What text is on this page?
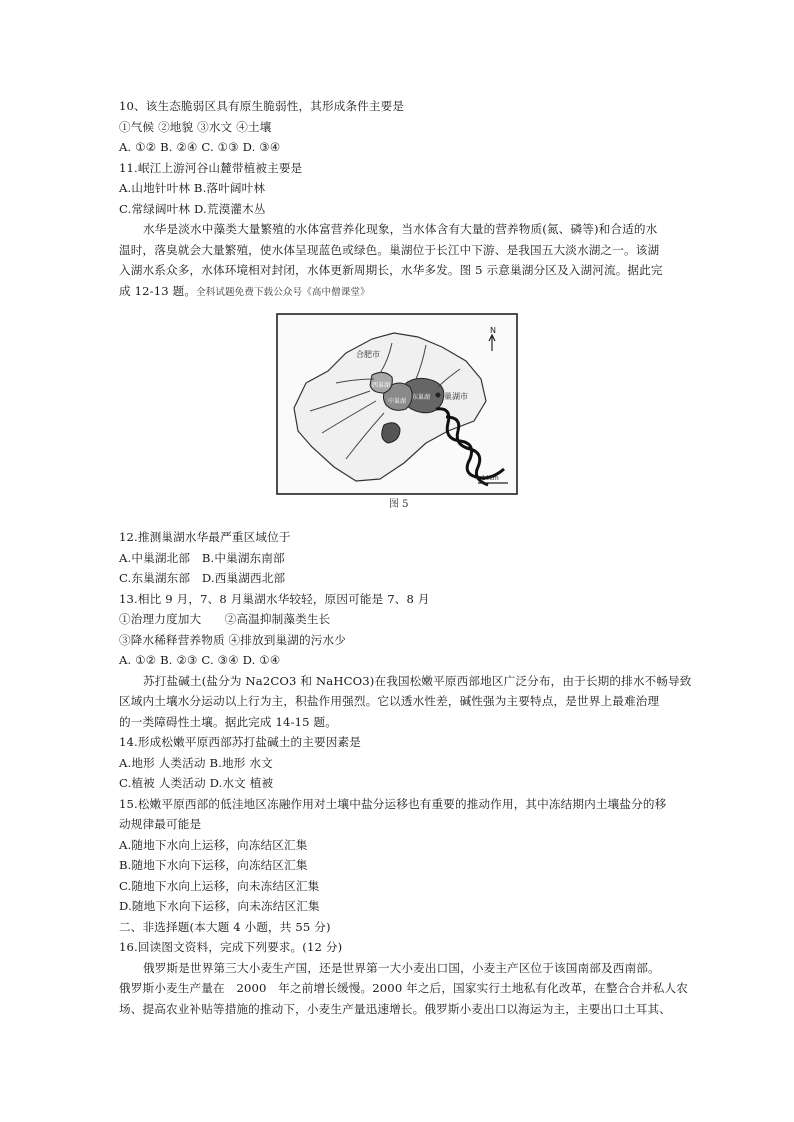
10、该生态脆弱区具有原生脆弱性，其形成条件主要是
①气候 ②地貌 ③水文 ④土壤
A. ①② B. ②④ C. ①③ D. ③④
11.岷江上游河谷山麓带植被主要是
A.山地针叶林 B.落叶阔叶林
C.常绿阔叶林 D.荒漠灌木丛
水华是淡水中藻类大量繁殖的水体富营养化现象，当水体含有大量的营养物质(氮、磷等)和合适的水
温时，落臭就会大量繁殖，使水体呈现蓝色或绿色。巢湖位于长江中下游、是我国五大淡水湖之一。该湖
入湖水系众多，水体环境相对封闭，水体更新周期长，水华多发。图 5 示意巢湖分区及入湖河流。据此完
成 12-13 题。全科试题免费下载公众号《高中僧课堂》
合肥市
巢湖市
西巢湖
中巢湖
东巢湖
N
0 10km
图 5
12.推测巢湖水华最严重区域位于
A.中巢湖北部　B.中巢湖东南部
C.东巢湖东部　D.西巢湖西北部
13.相比 9 月，7、8 月巢湖水华较轻，原因可能是 7、8 月
①治理力度加大　　②高温抑制藻类生长
③降水稀释营养物质 ④排放到巢湖的污水少
A. ①② B. ②③ C. ③④ D. ①④
苏打盐碱土(盐分为 Na2CO3 和 NaHCO3)在我国松嫩平原西部地区广泛分布，由于长期的排水不畅导致
区域内土壤水分运动以上行为主，积盐作用强烈。它以透水性差，碱性强为主要特点，是世界上最难治理
的一类障碍性土壤。据此完成 14-15 题。
14.形成松嫩平原西部苏打盐碱土的主要因素是
A.地形 人类活动 B.地形 水文
C.植被 人类活动 D.水文 植被
15.松嫩平原西部的低洼地区冻融作用对土壤中盐分运移也有重要的推动作用，其中冻结期内土壤盐分的移
动规律最可能是
A.随地下水向上运移，向冻结区汇集
B.随地下水向下运移，向冻结区汇集
C.随地下水向上运移，向未冻结区汇集
D.随地下水向下运移，向未冻结区汇集
二、非选择题(本大题 4 小题，共 55 分)
16.回读图文资料，完成下列要求。(12 分)
俄罗斯是世界第三大小麦生产国，还是世界第一大小麦出口国，小麦主产区位于该国南部及西南部。
俄罗斯小麦生产量在　2000　年之前增长缓慢。2000 年之后，国家实行土地私有化改革，在整合合并私人农
场、提高农业补贴等措施的推动下，小麦生产量迅速增长。俄罗斯小麦出口以海运为主，主要出口土耳其、
